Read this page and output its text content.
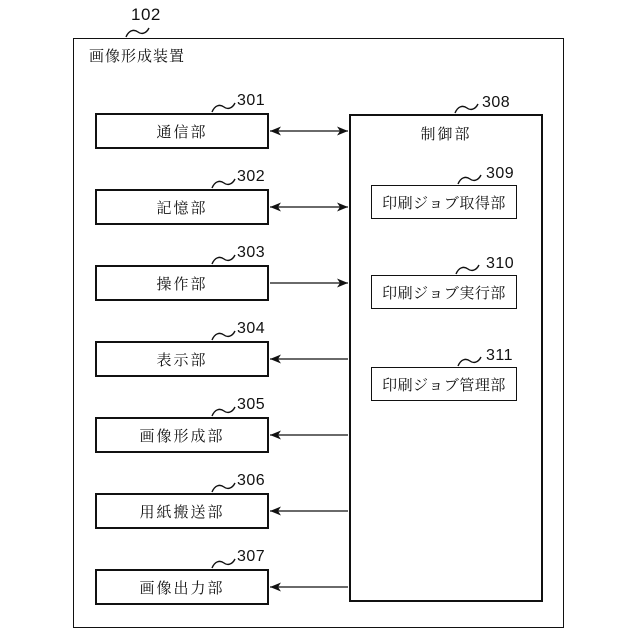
102
画像形成装置
通信部
301
記憶部
302
操作部
303
表示部
304
画像形成部
305
用紙搬送部
306
画像出力部
307
制御部
308
印刷ジョブ取得部
309
印刷ジョブ実行部
310
印刷ジョブ管理部
311
